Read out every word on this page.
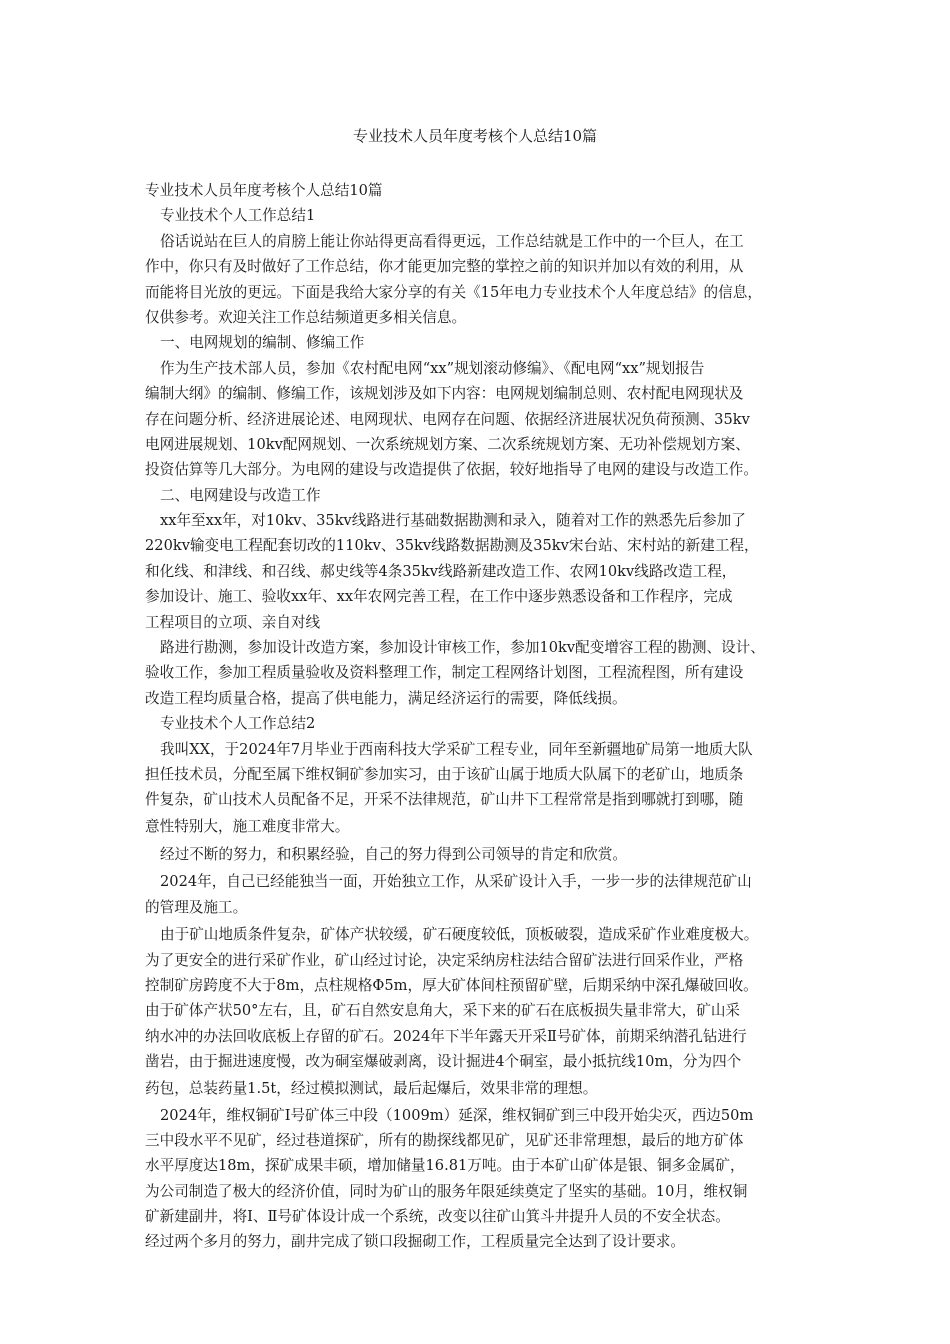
专业技术人员年度考核个人总结10篇

专业技术人员年度考核个人总结10篇

专业技术个人工作总结1

俗话说站在巨人的肩膀上能让你站得更高看得更远，工作总结就是工作中的一个巨人，在工

作中，你只有及时做好了工作总结，你才能更加完整的掌控之前的知识并加以有效的利用，从

而能将目光放的更远。下面是我给大家分享的有关《15年电力专业技术个人年度总结》的信息，

仅供参考。欢迎关注工作总结频道更多相关信息。

一、电网规划的编制、修编工作

作为生产技术部人员，参加《农村配电网“xx”规划滚动修编》、《配电网“xx”规划报告

编制大纲》的编制、修编工作，该规划涉及如下内容：电网规划编制总则、农村配电网现状及

存在问题分析、经济进展论述、电网现状、电网存在问题、依据经济进展状况负荷预测、35kv

电网进展规划、10kv配网规划、一次系统规划方案、二次系统规划方案、无功补偿规划方案、

投资估算等几大部分。为电网的建设与改造提供了依据，较好地指导了电网的建设与改造工作。

二、电网建设与改造工作

xx年至xx年，对10kv、35kv线路进行基础数据勘测和录入，随着对工作的熟悉先后参加了

220kv输变电工程配套切改的110kv、35kv线路数据勘测及35kv宋台站、宋村站的新建工程，

和化线、和津线、和召线、郝史线等4条35kv线路新建改造工作、农网10kv线路改造工程，

参加设计、施工、验收xx年、xx年农网完善工程，在工作中逐步熟悉设备和工作程序，完成

工程项目的立项、亲自对线

路进行勘测，参加设计改造方案，参加设计审核工作，参加10kv配变增容工程的勘测、设计、

验收工作，参加工程质量验收及资料整理工作，制定工程网络计划图，工程流程图，所有建设

改造工程均质量合格，提高了供电能力，满足经济运行的需要，降低线损。

专业技术个人工作总结2

我叫XX，于2024年7月毕业于西南科技大学采矿工程专业，同年至新疆地矿局第一地质大队

担任技术员，分配至属下维权铜矿参加实习，由于该矿山属于地质大队属下的老矿山，地质条

件复杂，矿山技术人员配备不足，开采不法律规范，矿山井下工程常常是指到哪就打到哪，随

意性特别大，施工难度非常大。

经过不断的努力，和积累经验，自己的努力得到公司领导的肯定和欣赏。

2024年，自己已经能独当一面，开始独立工作，从采矿设计入手，一步一步的法律规范矿山

的管理及施工。

由于矿山地质条件复杂，矿体产状较缓，矿石硬度较低，顶板破裂，造成采矿作业难度极大。

为了更安全的进行采矿作业，矿山经过讨论，决定采纳房柱法结合留矿法进行回采作业，严格

控制矿房跨度不大于8m，点柱规格Φ5m，厚大矿体间柱预留矿壁，后期采纳中深孔爆破回收。

由于矿体产状50°左右，且，矿石自然安息角大，采下来的矿石在底板损失量非常大，矿山采

纳水冲的办法回收底板上存留的矿石。2024年下半年露天开采Ⅱ号矿体，前期采纳潜孔钻进行

凿岩，由于掘进速度慢，改为硐室爆破剥离，设计掘进4个硐室，最小抵抗线10m，分为四个

药包，总装药量1.5t，经过模拟测试，最后起爆后，效果非常的理想。

2024年，维权铜矿Ⅰ号矿体三中段（1009m）延深，维权铜矿到三中段开始尖灭，西边50m

三中段水平不见矿，经过巷道探矿，所有的勘探线都见矿，见矿还非常理想，最后的地方矿体

水平厚度达18m，探矿成果丰硕，增加储量16.81万吨。由于本矿山矿体是银、铜多金属矿，

为公司制造了极大的经济价值，同时为矿山的服务年限延续奠定了坚实的基础。10月，维权铜

矿新建副井，将Ⅰ、Ⅱ号矿体设计成一个系统，改变以往矿山箕斗井提升人员的不安全状态。

经过两个多月的努力，副井完成了锁口段掘砌工作，工程质量完全达到了设计要求。
